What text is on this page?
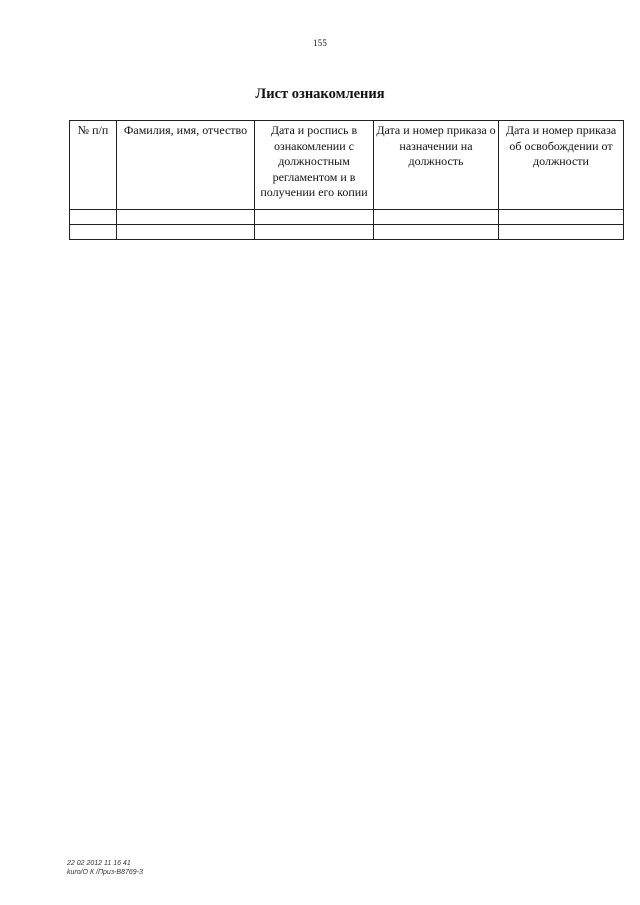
155
Лист ознакомления
№ п/п	Фамилия, имя, отчество	Дата и роспись в ознакомлении с должностным регламентом и в получении его копии	Дата и номер приказа о назначении на должность	Дата и номер приказа об освобождении от должности

22 02 2012 11 16 41
kuro/О К /Приз-В8769-3
